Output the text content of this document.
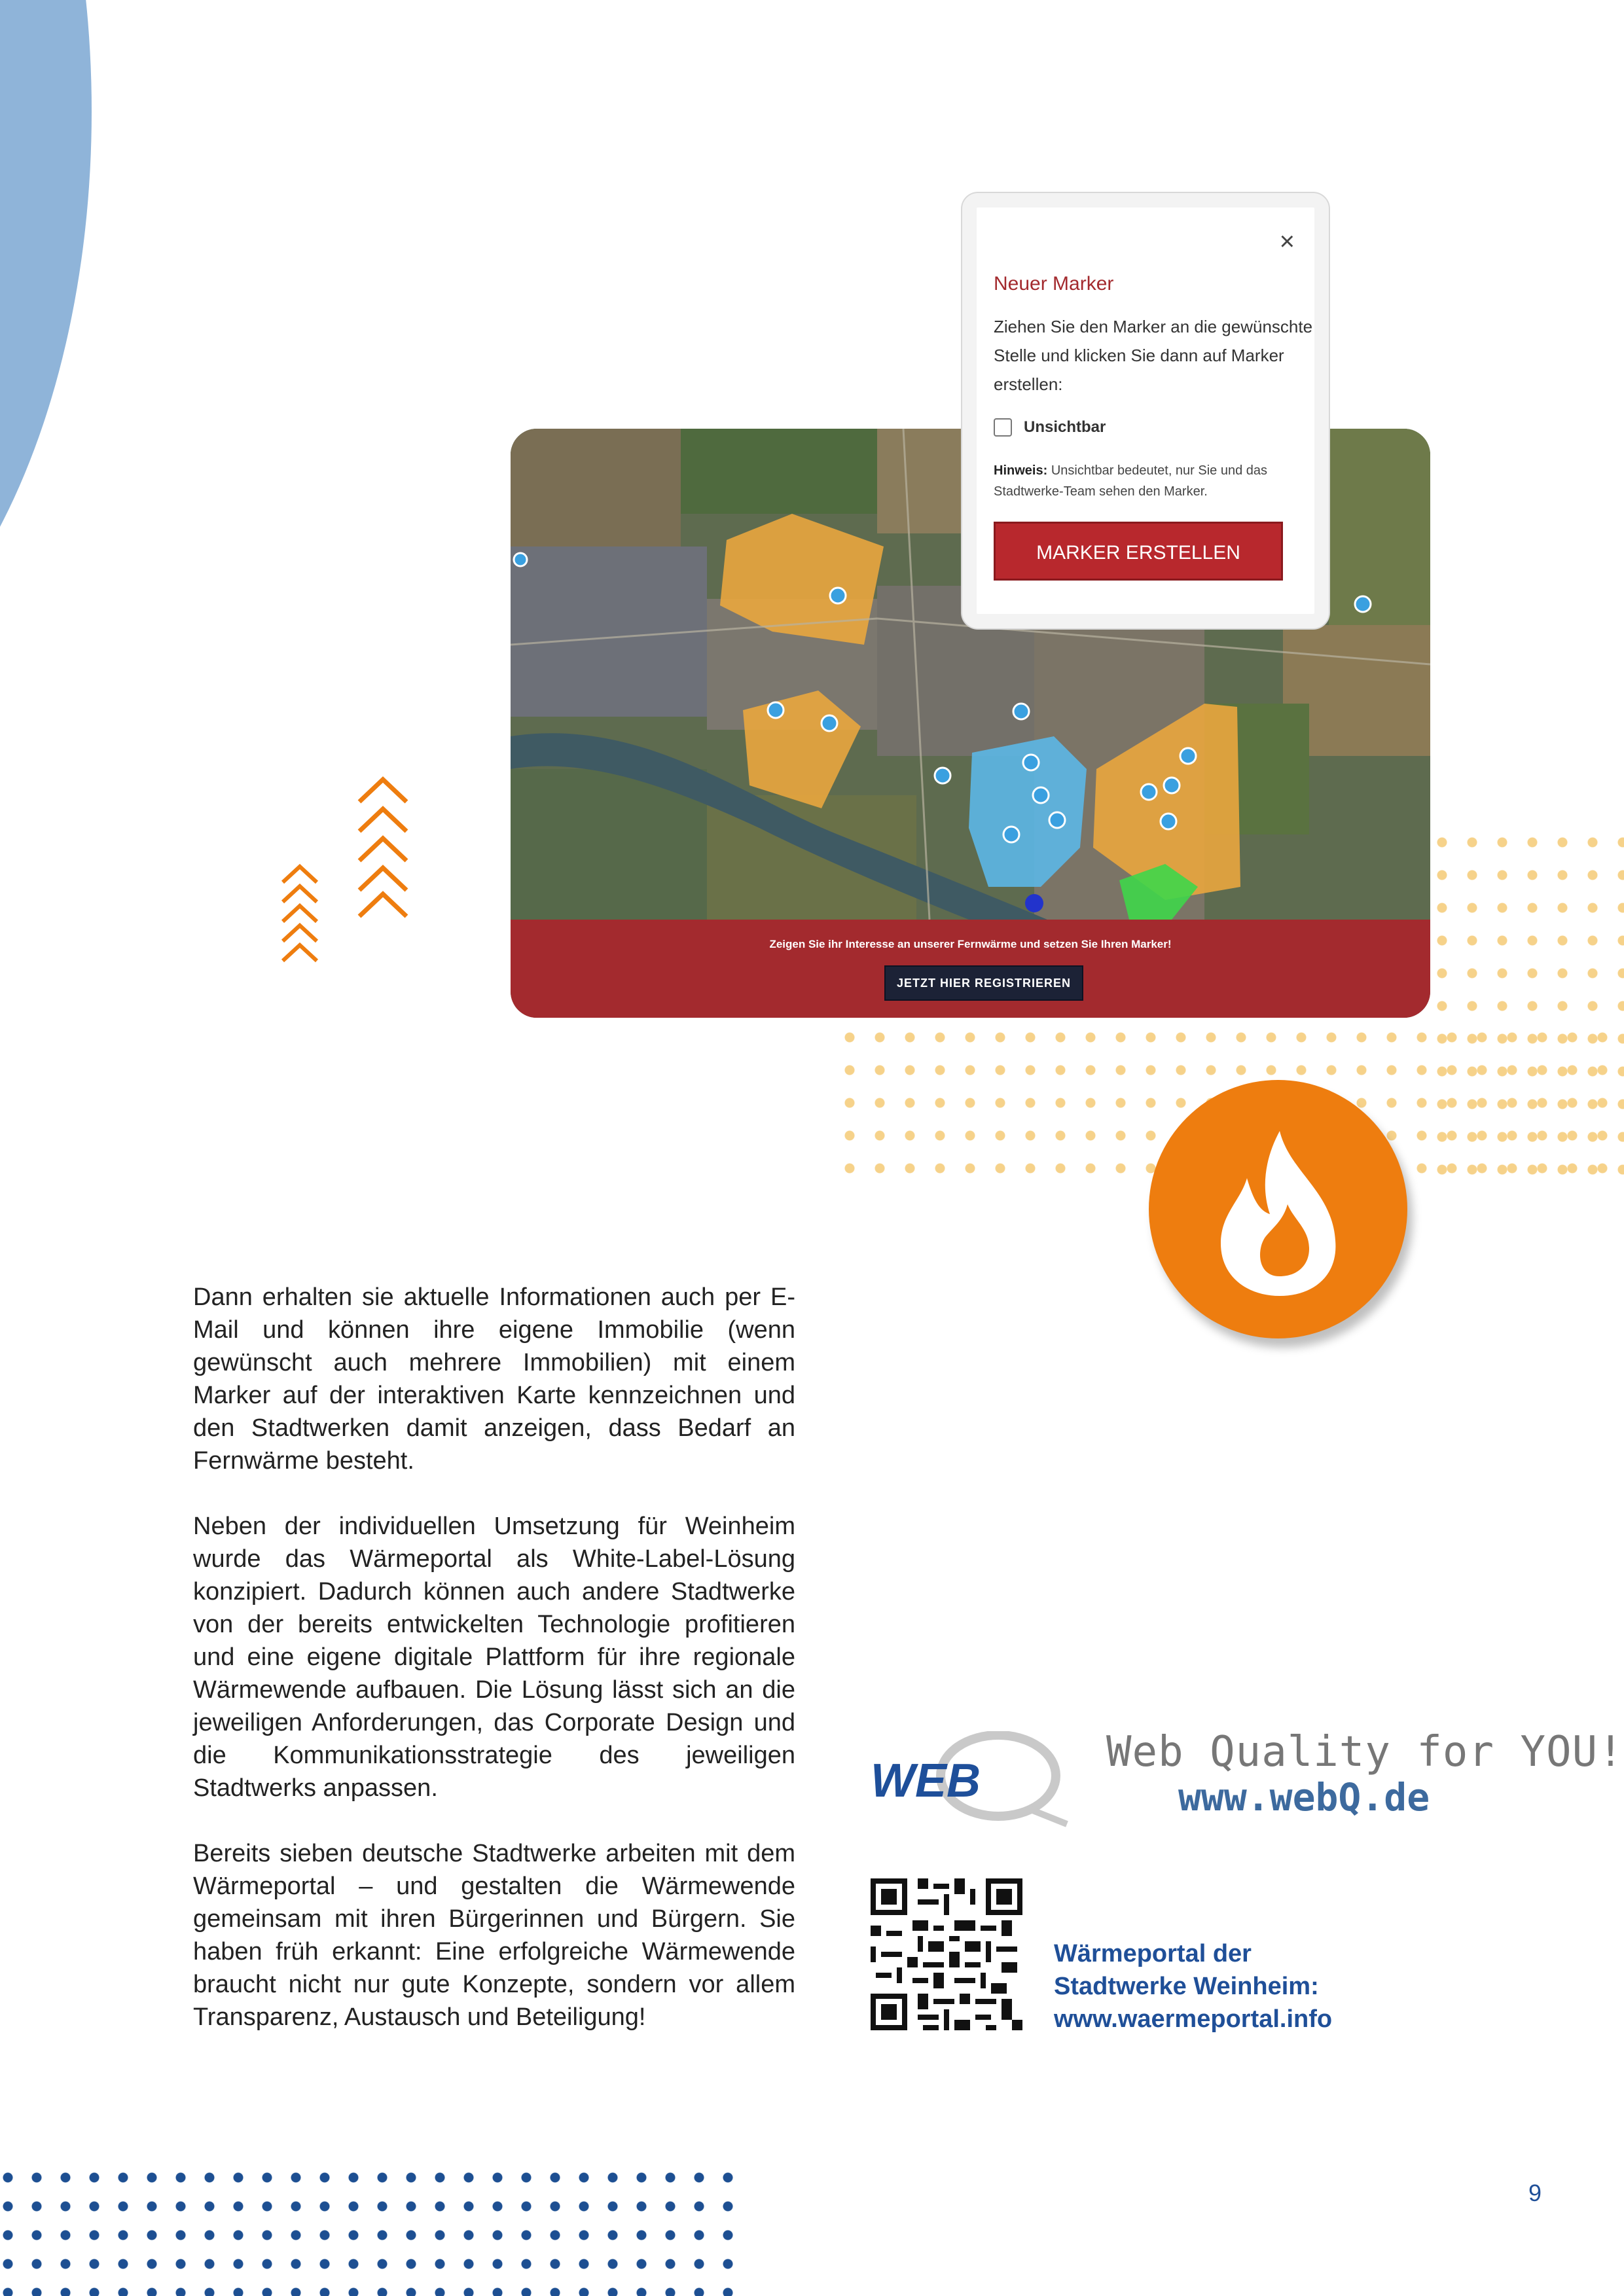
Zeigen Sie ihr Interesse an unserer Fernwärme und setzen Sie Ihren Marker!
JETZT HIER REGISTRIEREN
×
Neuer Marker
Ziehen Sie den Marker an die gewünschte Stelle und klicken Sie dann auf Marker erstellen:
Unsichtbar
Hinweis: Unsichtbar bedeutet, nur Sie und das Stadtwerke-Team sehen den Marker.
MARKER ERSTELLEN
Dann erhalten sie aktuelle Informationen auch per E-Mail und können ihre eigene Immobilie (wenn gewünscht auch mehrere Immobilien) mit einem Marker auf der interaktiven Karte kennzeichnen und den Stadtwerken damit anzeigen, dass Bedarf an Fernwärme besteht.
Neben der individuellen Umsetzung für Weinheim wurde das Wärmeportal als White-Label-Lösung konzipiert. Dadurch können auch andere Stadtwerke von der bereits entwickelten Technologie profitieren und eine eigene digitale Plattform für ihre regionale Wärmewende aufbauen. Die Lösung lässt sich an die jeweiligen Anforderungen, das Corporate Design und die Kommunikationsstrategie des jeweiligen Stadtwerks anpassen.
Bereits sieben deutsche Stadtwerke arbeiten mit dem Wärmeportal – und gestalten die Wärmewende gemeinsam mit ihren Bürgerinnen und Bürgern. Sie haben früh erkannt: Eine erfolgreiche Wärmewende braucht nicht nur gute Konzepte, sondern vor allem Transparenz, Austausch und Beteiligung!
WEB
Web Quality for YOU!
www.webQ.de
Wärmeportal der
Stadtwerke Weinheim:
www.waermeportal.info
9
